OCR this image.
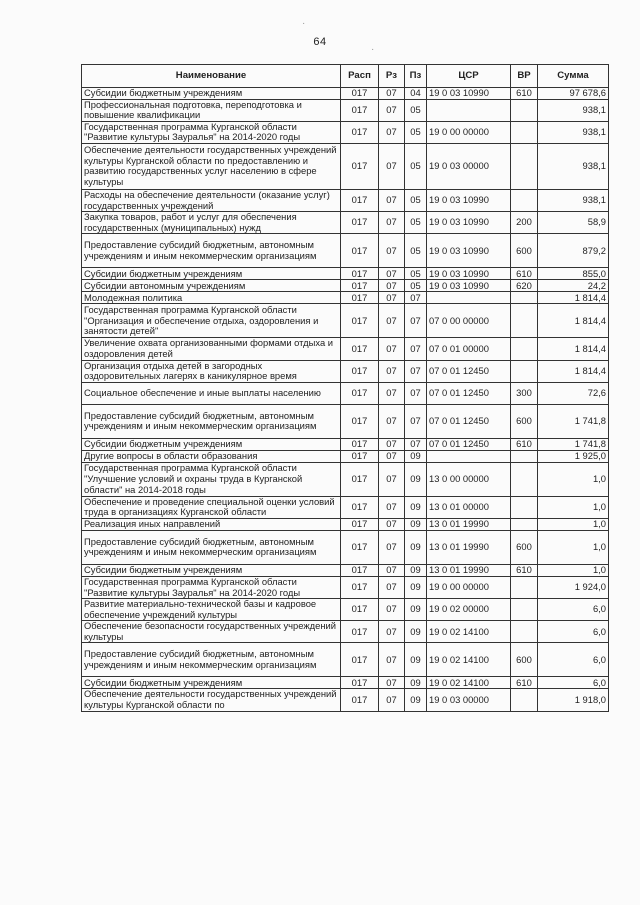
64
Наименование	Расп	Рз	Пз	ЦСР	ВР	Сумма
Субсидии бюджетным учреждениям	017	07	04	19 0 03 10990	610	97 678,6
Профессиональная подготовка, переподготовка и повышение квалификации	017	07	05			938,1
Государственная программа Курганской области "Развитие культуры Зауралья" на 2014-2020 годы	017	07	05	19 0 00 00000		938,1
Обеспечение деятельности государственных учреждений культуры Курганской области по предоставлению и развитию государственных услуг населению в сфере культуры	017	07	05	19 0 03 00000		938,1
Расходы на обеспечение деятельности (оказание услуг) государственных учреждений	017	07	05	19 0 03 10990		938,1
Закупка товаров, работ и услуг для обеспечения государственных (муниципальных) нужд	017	07	05	19 0 03 10990	200	58,9
Предоставление субсидий бюджетным, автономным учреждениям и иным некоммерческим организациям	017	07	05	19 0 03 10990	600	879,2
Субсидии бюджетным учреждениям	017	07	05	19 0 03 10990	610	855,0
Субсидии автономным учреждениям	017	07	05	19 0 03 10990	620	24,2
Молодежная политика	017	07	07			1 814,4
Государственная программа Курганской области "Организация и обеспечение отдыха, оздоровления и занятости детей"	017	07	07	07 0 00 00000		1 814,4
Увеличение охвата организованными формами отдыха и оздоровления детей	017	07	07	07 0 01 00000		1 814,4
Организация отдыха детей в загородных оздоровительных лагерях в каникулярное время	017	07	07	07 0 01 12450		1 814,4
Социальное обеспечение и иные выплаты населению	017	07	07	07 0 01 12450	300	72,6
Предоставление субсидий бюджетным, автономным учреждениям и иным некоммерческим организациям	017	07	07	07 0 01 12450	600	1 741,8
Субсидии бюджетным учреждениям	017	07	07	07 0 01 12450	610	1 741,8
Другие вопросы в области образования	017	07	09			1 925,0
Государственная программа Курганской области "Улучшение условий и охраны труда в Курганской области" на 2014-2018 годы	017	07	09	13 0 00 00000		1,0
Обеспечение и проведение специальной оценки условий труда в организациях Курганской области	017	07	09	13 0 01 00000		1,0
Реализация иных направлений	017	07	09	13 0 01 19990		1,0
Предоставление субсидий бюджетным, автономным учреждениям и иным некоммерческим организациям	017	07	09	13 0 01 19990	600	1,0
Субсидии бюджетным учреждениям	017	07	09	13 0 01 19990	610	1,0
Государственная программа Курганской области "Развитие культуры Зауралья" на 2014-2020 годы	017	07	09	19 0 00 00000		1 924,0
Развитие материально-технической базы и кадровое обеспечение учреждений культуры	017	07	09	19 0 02 00000		6,0
Обеспечение безопасности государственных учреждений культуры	017	07	09	19 0 02 14100		6,0
Предоставление субсидий бюджетным, автономным учреждениям и иным некоммерческим организациям	017	07	09	19 0 02 14100	600	6,0
Субсидии бюджетным учреждениям	017	07	09	19 0 02 14100	610	6,0
Обеспечение деятельности государственных учреждений культуры Курганской области по	017	07	09	19 0 03 00000		1 918,0
·
·
